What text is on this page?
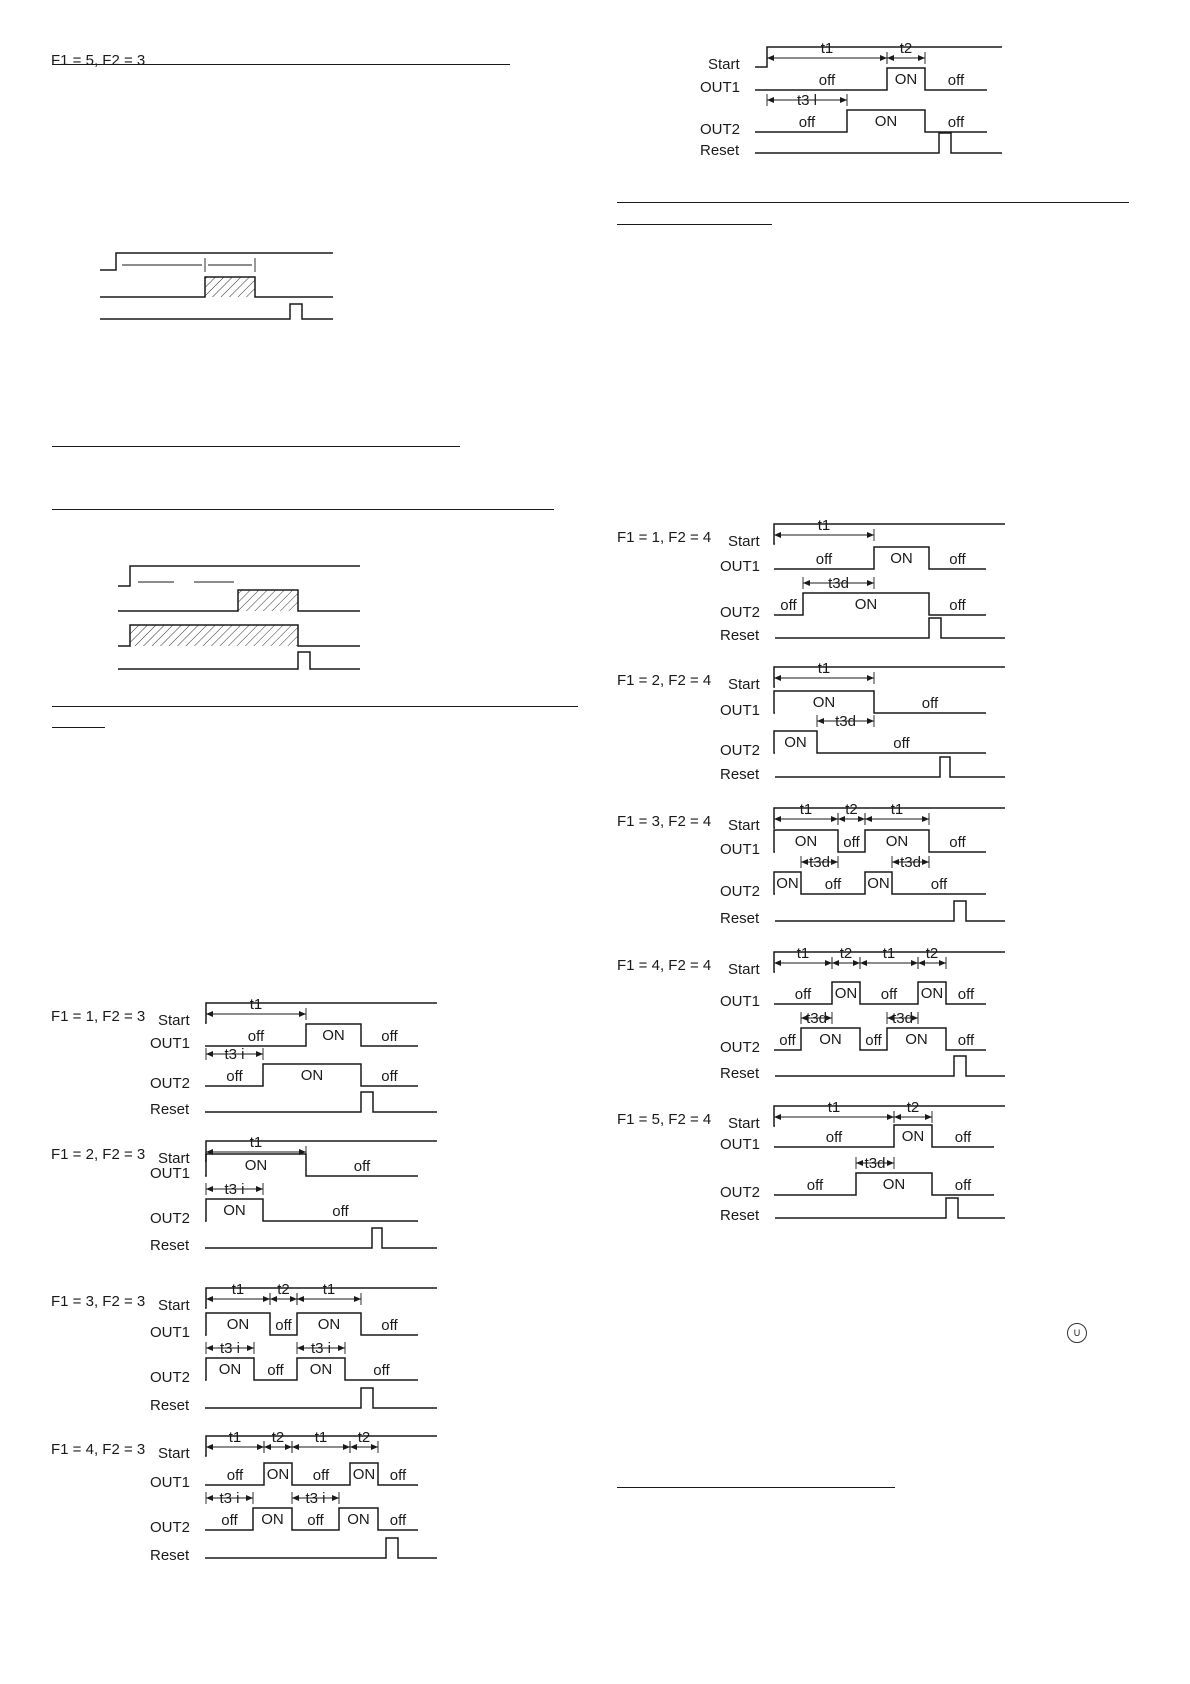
U
F1 = 5, F2 = 3	Start
t1	t2
OUT1	off	ON off
t3 l
OUT2	off	ON	off
Reset
F1 = 1, F2 = 3 Start
t1
OUT1	off	ON off
t3 i
OUT2 off	ON	off
Reset
F1 = 2, F2 = 3 Start
t1
OUT1	ON	off
t3 i
OUT2 ON	off
Reset
F1 = 3, F2 = 3 Start
t1 t2 t1
OUT1 ON off ON	off
t3 i	t3 i
OUT2 ON off ON	off
Reset
F1 = 4, F2 = 3 Start
t1 t2 t1 t2
OUT1 off ON off ON off
t3 i	t3 i
OUT2 off ON off ON off
Reset
F1 = 1, F2 = 4 Start
t1
OUT1	off	ON off
t3d
OUT2 off	ON	off
Reset
F1 = 2, F2 = 4 Start
t1
OUT1	ON	off
t3d
OUT2 ON	off
Reset
F1 = 3, F2 = 4 Start
t1 t2 t1
OUT1 ON off ON	off
t3d	t3d
OUT2 ON off ON	off
Reset
F1 = 4, F2 = 4 Start
t1 t2 t1 t2
OUT1 off ON off ON off
t3d	t3d
OUT2 off ON off ON off
Reset
F1 = 5, F2 = 4 Start
t1	t2
OUT1	off	ON off
t3d
OUT2	off	ON	off
Reset
